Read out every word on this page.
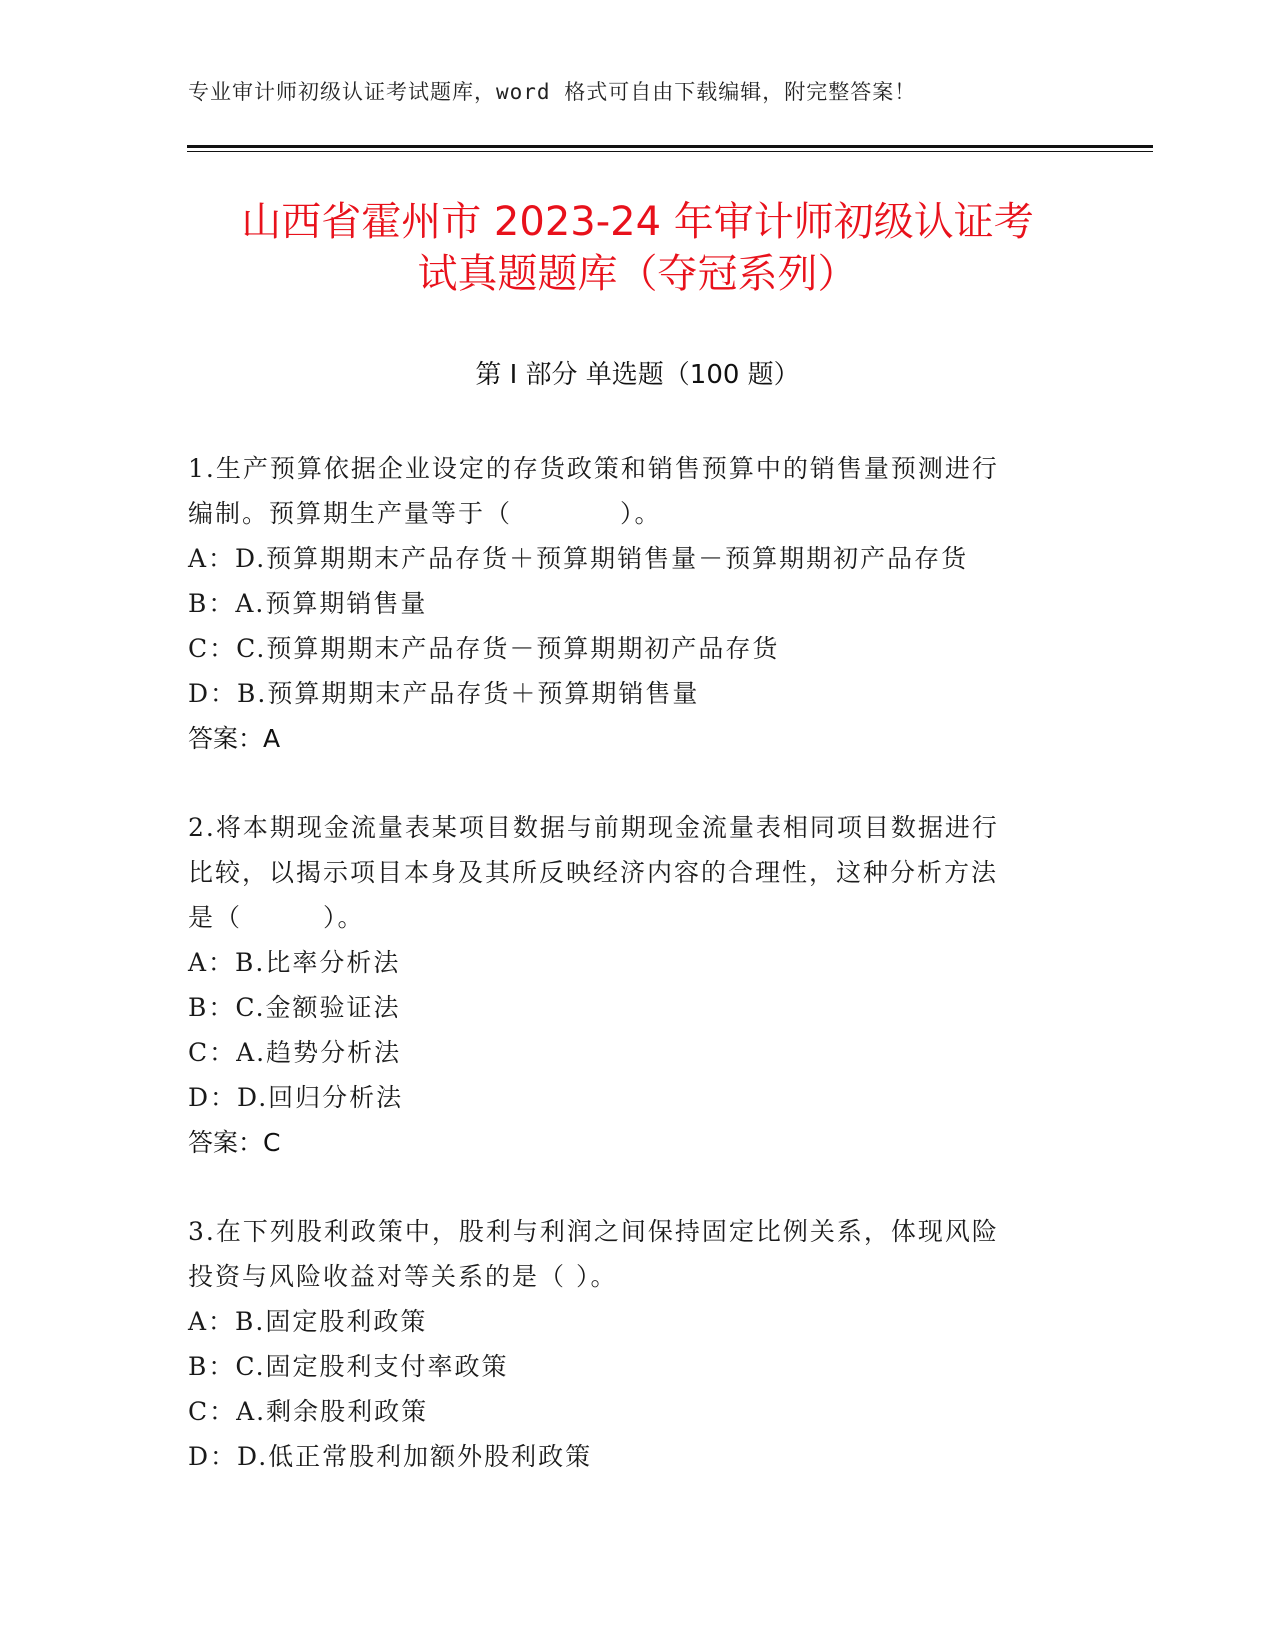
专业审计师初级认证考试题库，word 格式可自由下载编辑，附完整答案！
山西省霍州市 2023-24 年审计师初级认证考
试真题题库（夺冠系列）
第 I 部分 单选题（100 题）
1.生产预算依据企业设定的存货政策和销售预算中的销售量预测进行
编制。预算期生产量等于（　　　　）。
A：D.预算期期末产品存货＋预算期销售量－预算期期初产品存货
B：A.预算期销售量
C：C.预算期期末产品存货－预算期期初产品存货
D：B.预算期期末产品存货＋预算期销售量
答案：A
2.将本期现金流量表某项目数据与前期现金流量表相同项目数据进行
比较，以揭示项目本身及其所反映经济内容的合理性，这种分析方法
是（　　　）。
A：B.比率分析法
B：C.金额验证法
C：A.趋势分析法
D：D.回归分析法
答案：C
3.在下列股利政策中，股利与利润之间保持固定比例关系，体现风险
投资与风险收益对等关系的是（ ）。
A：B.固定股利政策
B：C.固定股利支付率政策
C：A.剩余股利政策
D：D.低正常股利加额外股利政策
